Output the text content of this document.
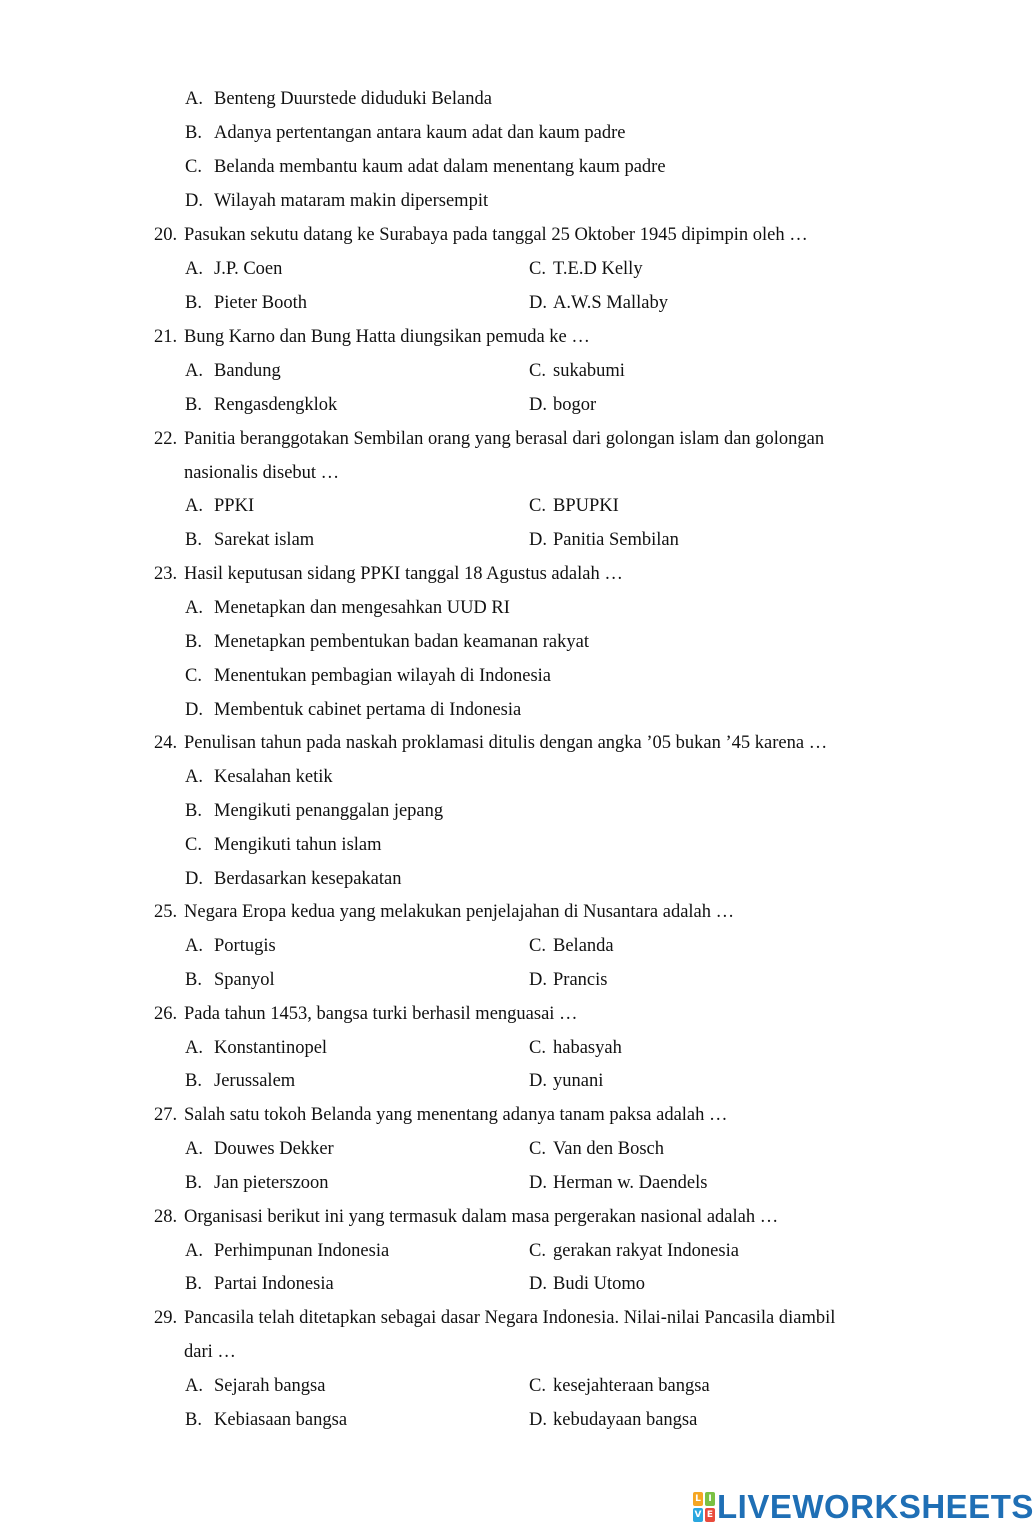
A. Benteng Duurstede diduduki Belanda
B. Adanya pertentangan antara kaum adat dan kaum padre
C. Belanda membantu kaum adat dalam menentang kaum padre
D. Wilayah mataram makin dipersempit
20. Pasukan sekutu datang ke Surabaya pada tanggal 25 Oktober 1945 dipimpin oleh …
A. J.P. Coen	C. T.E.D Kelly
B. Pieter Booth	D. A.W.S Mallaby
21. Bung Karno dan Bung Hatta diungsikan pemuda ke …
A. Bandung	C. sukabumi
B. Rengasdengklok	D. bogor
22. Panitia beranggotakan Sembilan orang yang berasal dari golongan islam dan golongan
nasionalis disebut …
A. PPKI	C. BPUPKI
B. Sarekat islam	D. Panitia Sembilan
23. Hasil keputusan sidang PPKI tanggal 18 Agustus adalah …
A. Menetapkan dan mengesahkan UUD RI
B. Menetapkan pembentukan badan keamanan rakyat
C. Menentukan pembagian wilayah di Indonesia
D. Membentuk cabinet pertama di Indonesia
24. Penulisan tahun pada naskah proklamasi ditulis dengan angka ’05 bukan ’45 karena …
A. Kesalahan ketik
B. Mengikuti penanggalan jepang
C. Mengikuti tahun islam
D. Berdasarkan kesepakatan
25. Negara Eropa kedua yang melakukan penjelajahan di Nusantara adalah …
A. Portugis	C. Belanda
B. Spanyol	D. Prancis
26. Pada tahun 1453, bangsa turki berhasil menguasai …
A. Konstantinopel	C. habasyah
B. Jerussalem	D. yunani
27. Salah satu tokoh Belanda yang menentang adanya tanam paksa adalah …
A. Douwes Dekker	C. Van den Bosch
B. Jan pieterszoon	D. Herman w. Daendels
28. Organisasi berikut ini yang termasuk dalam masa pergerakan nasional adalah …
A. Perhimpunan Indonesia	C. gerakan rakyat Indonesia
B. Partai Indonesia	D. Budi Utomo
29. Pancasila telah ditetapkan sebagai dasar Negara Indonesia. Nilai-nilai Pancasila diambil
dari …
A. Sejarah bangsa	C. kesejahteraan bangsa
B. Kebiasaan bangsa	D. kebudayaan bangsa
L I
V E LIVEWORKSHEETS
